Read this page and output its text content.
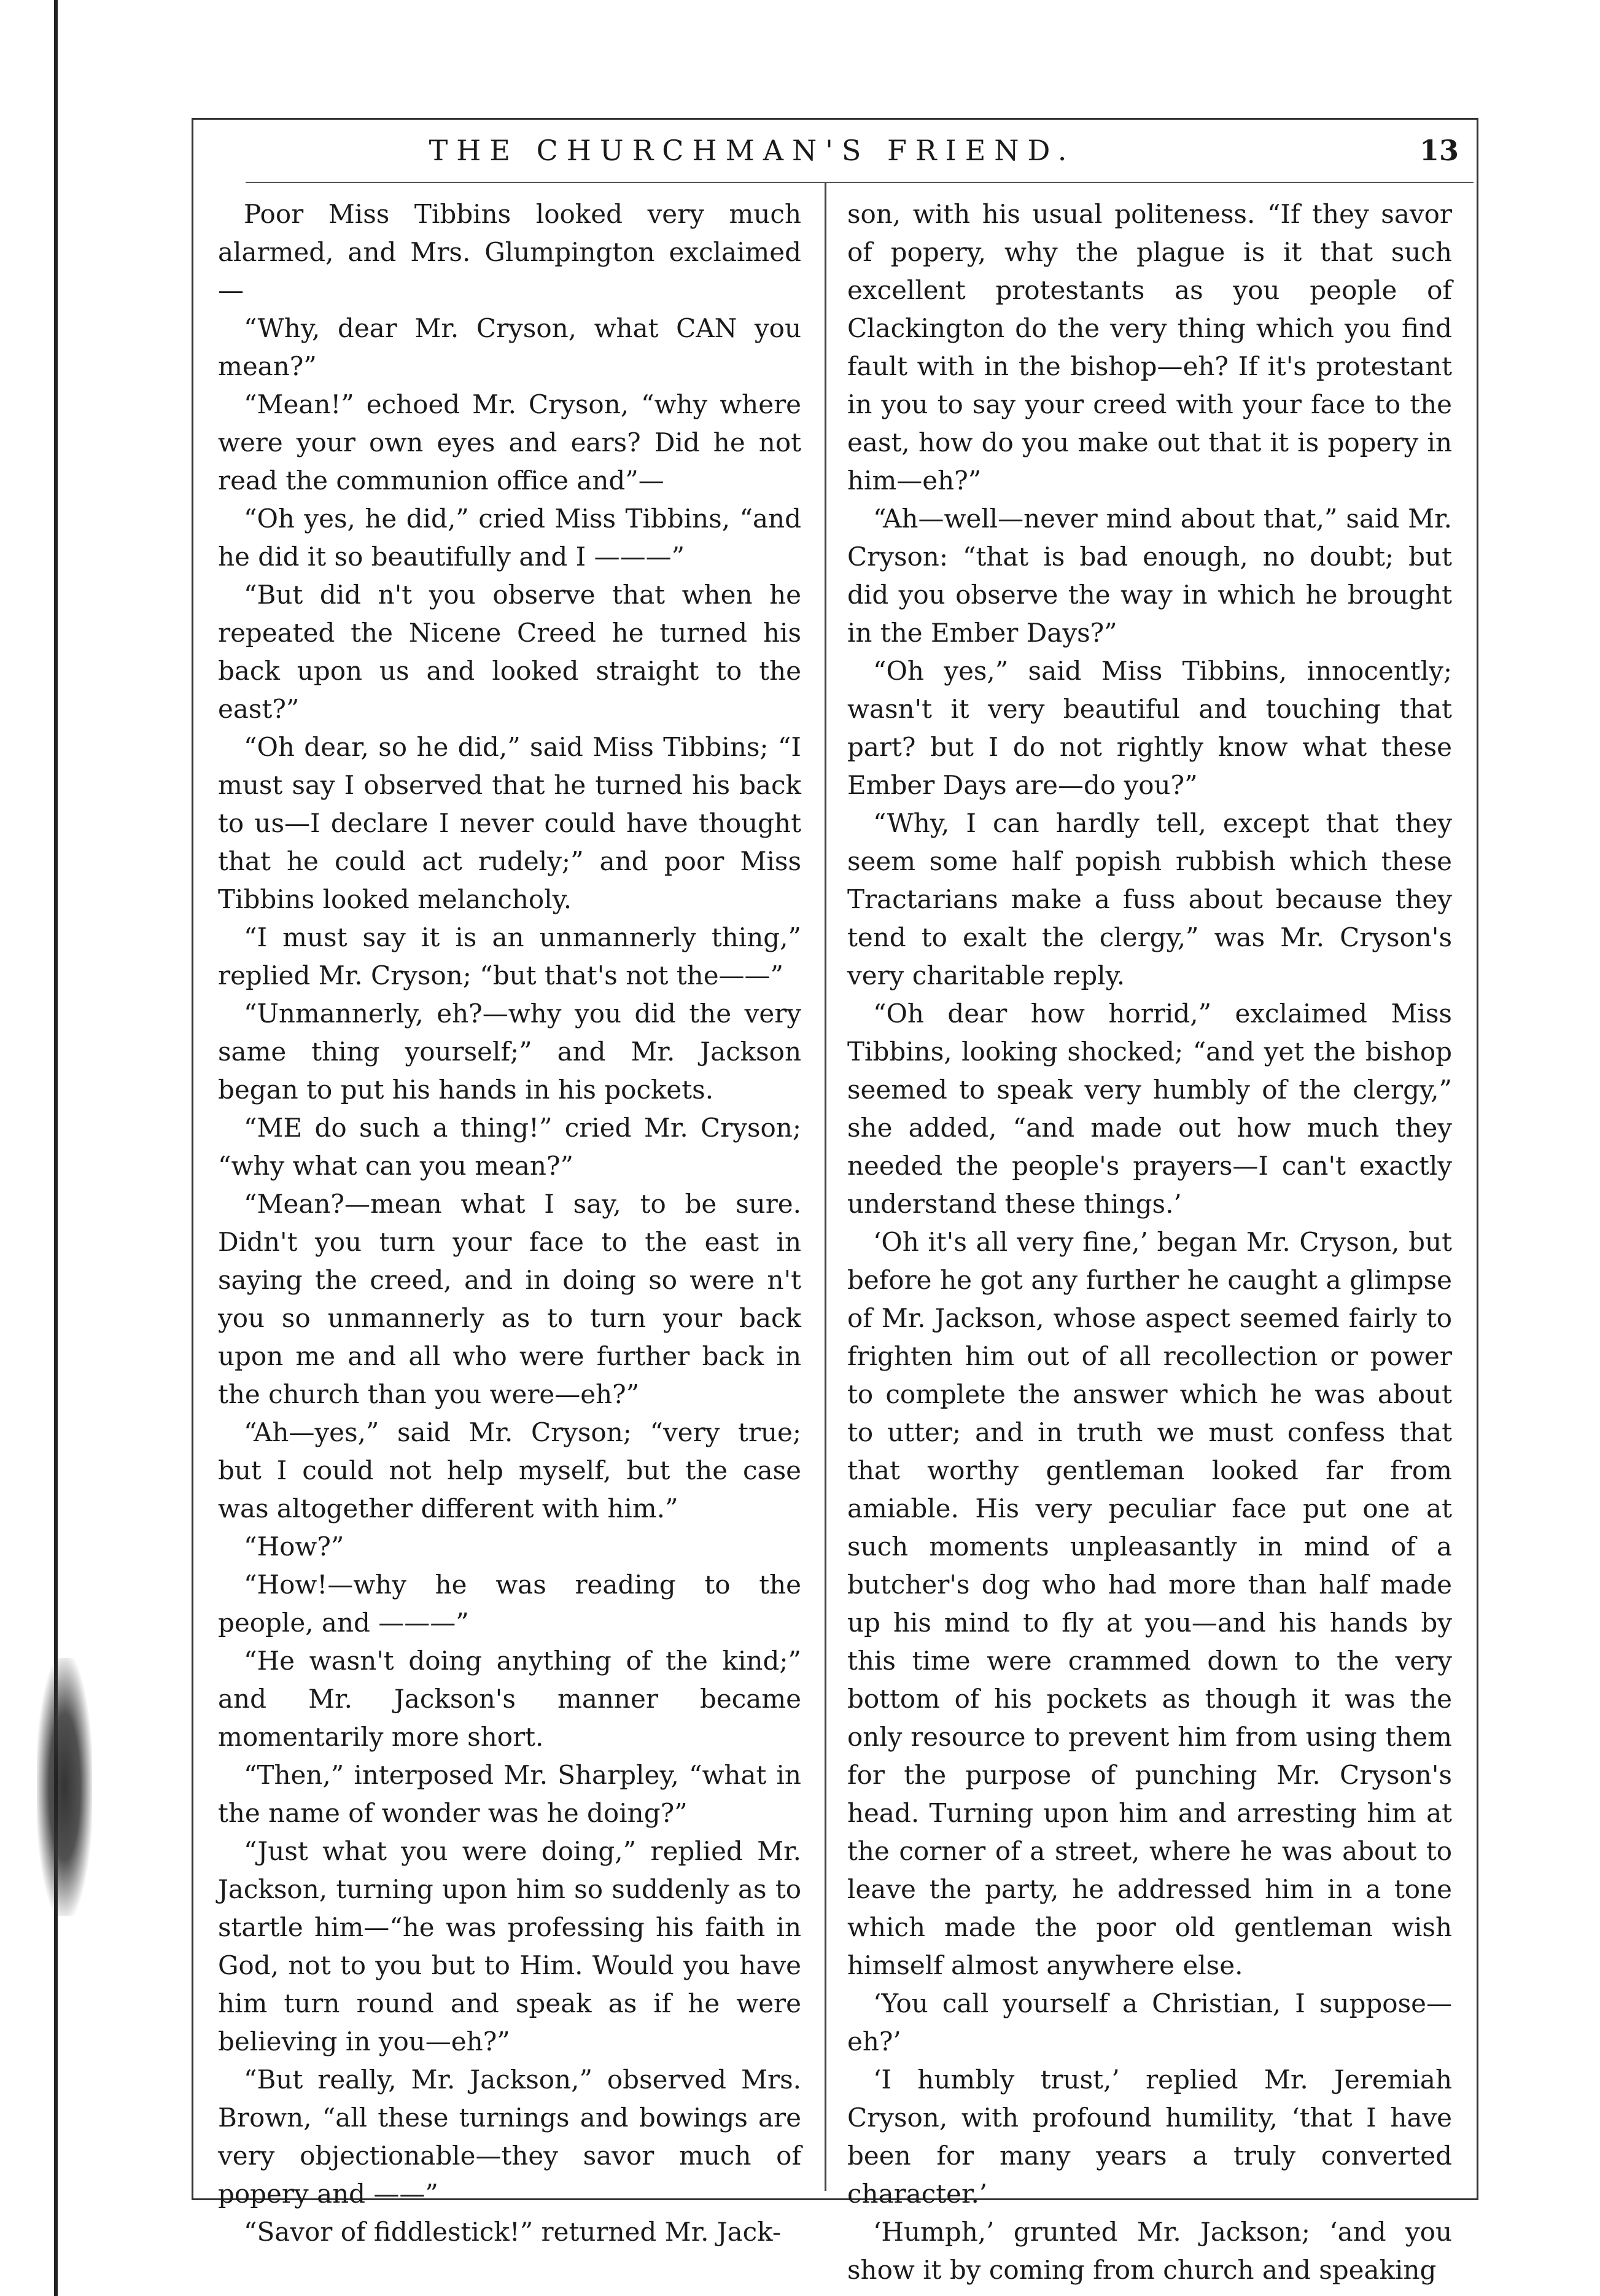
THE CHURCHMAN'S FRIEND.	13

Poor Miss Tibbins looked very much alarmed, and Mrs. Glumpington exclaimed—

“Why, dear Mr. Cryson, what CAN you mean?”

“Mean!” echoed Mr. Cryson, “why where were your own eyes and ears? Did he not read the communion office and”—

“Oh yes, he did,” cried Miss Tibbins, “and he did it so beautifully and I ———”

“But did n't you observe that when he repeated the Nicene Creed he turned his back upon us and looked straight to the east?”

“Oh dear, so he did,” said Miss Tibbins; “I must say I observed that he turned his back to us—I declare I never could have thought that he could act rudely;” and poor Miss Tibbins looked melancholy.

“I must say it is an unmannerly thing,” replied Mr. Cryson; “but that's not the——”

“Unmannerly, eh?—why you did the very same thing yourself;” and Mr. Jackson began to put his hands in his pockets.

“ME do such a thing!” cried Mr. Cryson; “why what can you mean?”

“Mean?—mean what I say, to be sure. Didn't you turn your face to the east in saying the creed, and in doing so were n't you so unmannerly as to turn your back upon me and all who were further back in the church than you were—eh?”

“Ah—yes,” said Mr. Cryson; “very true; but I could not help myself, but the case was altogether different with him.”

“How?”

“How!—why he was reading to the people, and ———”

“He wasn't doing anything of the kind;” and Mr. Jackson's manner became momentarily more short.

“Then,” interposed Mr. Sharpley, “what in the name of wonder was he doing?”

“Just what you were doing,” replied Mr. Jackson, turning upon him so suddenly as to startle him—“he was professing his faith in God, not to you but to Him. Would you have him turn round and speak as if he were believing in you—eh?”

“But really, Mr. Jackson,” observed Mrs. Brown, “all these turnings and bowings are very objectionable—they savor much of popery and ——”

“Savor of fiddlestick!” returned Mr. Jack-

son, with his usual politeness. “If they savor of popery, why the plague is it that such excellent protestants as you people of Clackington do the very thing which you find fault with in the bishop—eh? If it's protestant in you to say your creed with your face to the east, how do you make out that it is popery in him—eh?”

“Ah—well—never mind about that,” said Mr. Cryson: “that is bad enough, no doubt; but did you observe the way in which he brought in the Ember Days?”

“Oh yes,” said Miss Tibbins, innocently; wasn't it very beautiful and touching that part? but I do not rightly know what these Ember Days are—do you?”

“Why, I can hardly tell, except that they seem some half popish rubbish which these Tractarians make a fuss about because they tend to exalt the clergy,” was Mr. Cryson's very charitable reply.

“Oh dear how horrid,” exclaimed Miss Tibbins, looking shocked; “and yet the bishop seemed to speak very humbly of the clergy,” she added, “and made out how much they needed the people's prayers—I can't exactly understand these things.’

‘Oh it's all very fine,’ began Mr. Cryson, but before he got any further he caught a glimpse of Mr. Jackson, whose aspect seemed fairly to frighten him out of all recollection or power to complete the answer which he was about to utter; and in truth we must confess that that worthy gentleman looked far from amiable. His very peculiar face put one at such moments unpleasantly in mind of a butcher's dog who had more than half made up his mind to fly at you—and his hands by this time were crammed down to the very bottom of his pockets as though it was the only resource to prevent him from using them for the purpose of punching Mr. Cryson's head. Turning upon him and arresting him at the corner of a street, where he was about to leave the party, he addressed him in a tone which made the poor old gentleman wish himself almost anywhere else.

‘You call yourself a Christian, I suppose—eh?’

‘I humbly trust,’ replied Mr. Jeremiah Cryson, with profound humility, ‘that I have been for many years a truly converted character.’

‘Humph,’ grunted Mr. Jackson; ‘and you show it by coming from church and speaking
